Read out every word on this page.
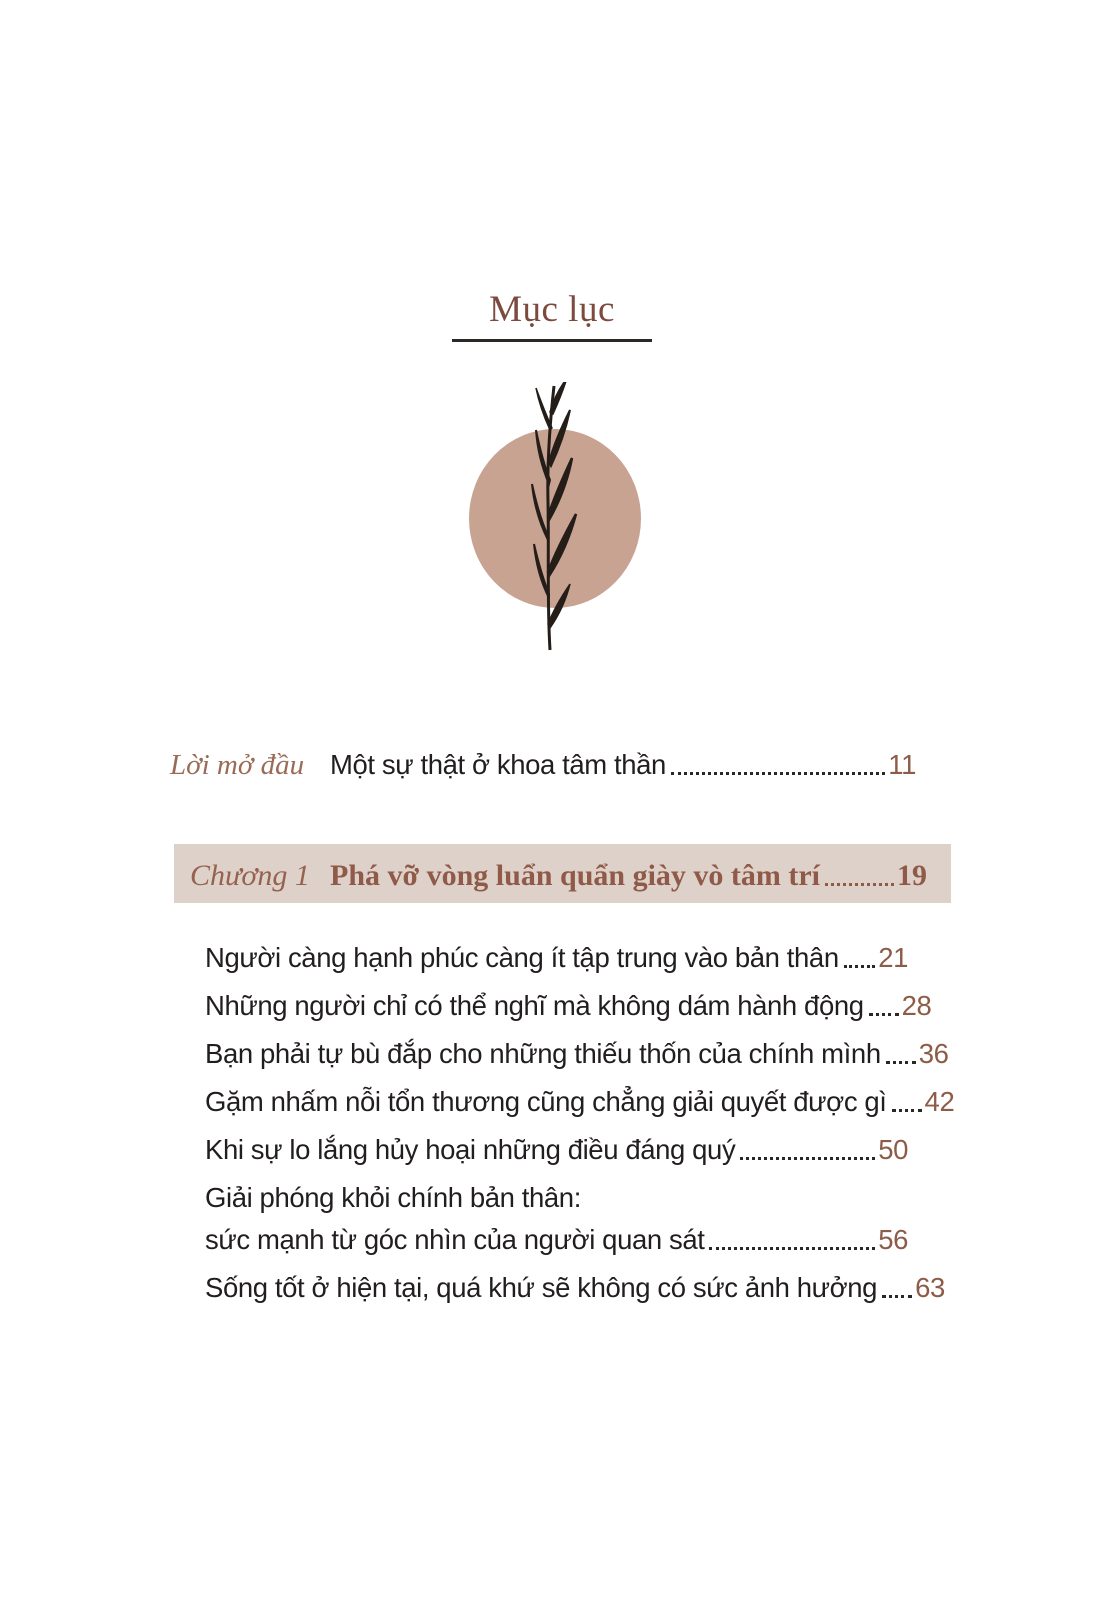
Mục lục
Lời mở đầu Một sự thật ở khoa tâm thần	11
Chương 1 Phá vỡ vòng luẩn quẩn giày vò tâm trí	19
Người càng hạnh phúc càng ít tập trung vào bản thân 21
Những người chỉ có thể nghĩ mà không dám hành động 28
Bạn phải tự bù đắp cho những thiếu thốn của chính mình 36
Gặm nhấm nỗi tổn thương cũng chẳng giải quyết được gì 42
Khi sự lo lắng hủy hoại những điều đáng quý	50
Giải phóng khỏi chính bản thân:
sức mạnh từ góc nhìn của người quan sát	56
Sống tốt ở hiện tại, quá khứ sẽ không có sức ảnh hưởng 63
